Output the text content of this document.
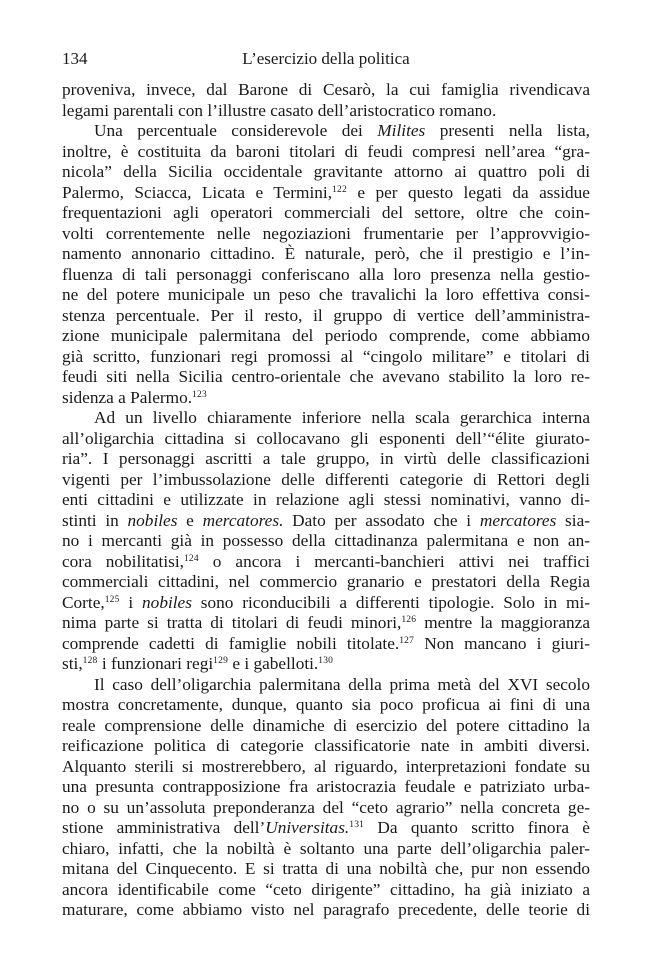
134	L’esercizio della politica
proveniva, invece, dal Barone di Cesarò, la cui famiglia rivendicava
legami parentali con l’illustre casato dell’aristocratico romano.
Una percentuale considerevole dei Milites presenti nella lista,
inoltre, è costituita da baroni titolari di feudi compresi nell’area “gra-
nicola” della Sicilia occidentale gravitante attorno ai quattro poli di
Palermo, Sciacca, Licata e Termini,$^{122}$ e per questo legati da assidue
frequentazioni agli operatori commerciali del settore, oltre che coin-
volti correntemente nelle negoziazioni frumentarie per l’approvvigio-
namento annonario cittadino. È naturale, però, che il prestigio e l’in-
fluenza di tali personaggi conferiscano alla loro presenza nella gestio-
ne del potere municipale un peso che travalichi la loro effettiva consi-
stenza percentuale. Per il resto, il gruppo di vertice dell’amministra-
zione municipale palermitana del periodo comprende, come abbiamo
già scritto, funzionari regi promossi al “cingolo militare” e titolari di
feudi siti nella Sicilia centro-orientale che avevano stabilito la loro re-
sidenza a Palermo.$^{123}$
Ad un livello chiaramente inferiore nella scala gerarchica interna
all’oligarchia cittadina si collocavano gli esponenti dell’“élite giurato-
ria”. I personaggi ascritti a tale gruppo, in virtù delle classificazioni
vigenti per l’imbussolazione delle differenti categorie di Rettori degli
enti cittadini e utilizzate in relazione agli stessi nominativi, vanno di-
stinti in nobiles e mercatores. Dato per assodato che i mercatores sia-
no i mercanti già in possesso della cittadinanza palermitana e non an-
cora nobilitatisi,$^{124}$ o ancora i mercanti-banchieri attivi nei traffici
commerciali cittadini, nel commercio granario e prestatori della Regia
Corte,$^{125}$ i nobiles sono riconducibili a differenti tipologie. Solo in mi-
nima parte si tratta di titolari di feudi minori,$^{126}$ mentre la maggioranza
comprende cadetti di famiglie nobili titolate.$^{127}$ Non mancano i giuri-
sti,$^{128}$ i funzionari regi$^{129}$ e i gabelloti.$^{130}$
Il caso dell’oligarchia palermitana della prima metà del XVI secolo
mostra concretamente, dunque, quanto sia poco proficua ai fini di una
reale comprensione delle dinamiche di esercizio del potere cittadino la
reificazione politica di categorie classificatorie nate in ambiti diversi.
Alquanto sterili si mostrerebbero, al riguardo, interpretazioni fondate su
una presunta contrapposizione fra aristocrazia feudale e patriziato urba-
no o su un’assoluta preponderanza del “ceto agrario” nella concreta ge-
stione amministrativa dell’Universitas.$^{131}$ Da quanto scritto finora è
chiaro, infatti, che la nobiltà è soltanto una parte dell’oligarchia paler-
mitana del Cinquecento. E si tratta di una nobiltà che, pur non essendo
ancora identificabile come “ceto dirigente” cittadino, ha già iniziato a
maturare, come abbiamo visto nel paragrafo precedente, delle teorie di
